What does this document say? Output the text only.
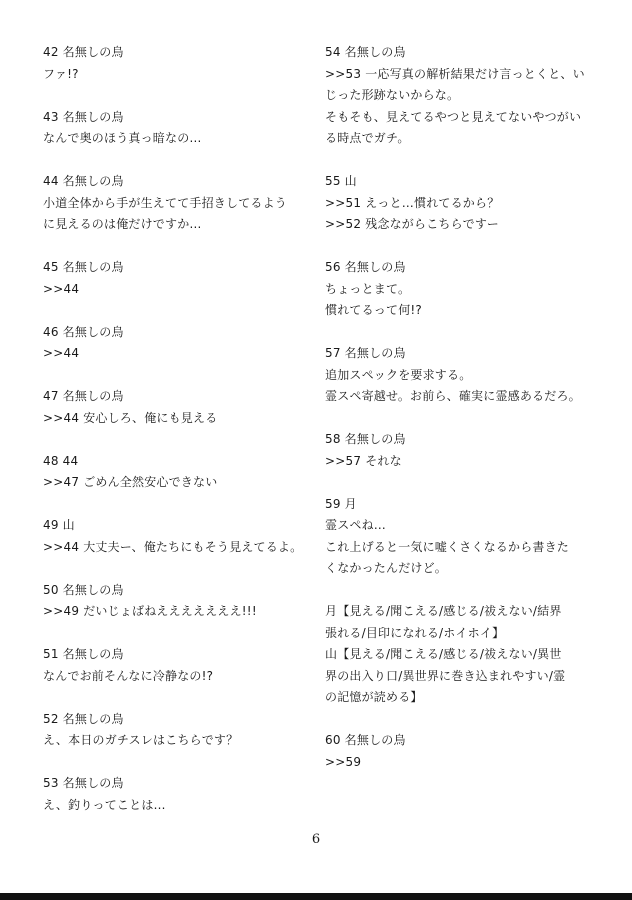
42 名無しの烏
ファ!?
43 名無しの烏
なんで奥のほう真っ暗なの…
44 名無しの烏
小道全体から手が生えてて手招きしてるよう
に見えるのは俺だけですか…
45 名無しの烏
>>44
46 名無しの烏
>>44
47 名無しの烏
>>44 安心しろ、俺にも見える
48 44
>>47 ごめん全然安心できない
49 山
>>44 大丈夫ー、俺たちにもそう見えてるよ。
50 名無しの烏
>>49 だいじょばねえええええええ!!!
51 名無しの烏
なんでお前そんなに冷静なの!?
52 名無しの烏
え、本日のガチスレはこちらです？
53 名無しの烏
え、釣りってことは…
54 名無しの烏
>>53 一応写真の解析結果だけ言っとくと、い
じった形跡ないからな。
そもそも、見えてるやつと見えてないやつがい
る時点でガチ。
55 山
>>51 えっと…慣れてるから？
>>52 残念ながらこちらですー
56 名無しの烏
ちょっとまて。
慣れてるって何!?
57 名無しの烏
追加スペックを要求する。
霊スペ寄越せ。お前ら、確実に霊感あるだろ。
58 名無しの烏
>>57 それな
59 月
霊スペね…
これ上げると一気に嘘くさくなるから書きた
くなかったんだけど。
月【見える/聞こえる/感じる/祓えない/結界
張れる/目印になれる/ホイホイ】
山【見える/聞こえる/感じる/祓えない/異世
界の出入り口/異世界に巻き込まれやすい/霊
の記憶が読める】
60 名無しの烏
>>59
6
